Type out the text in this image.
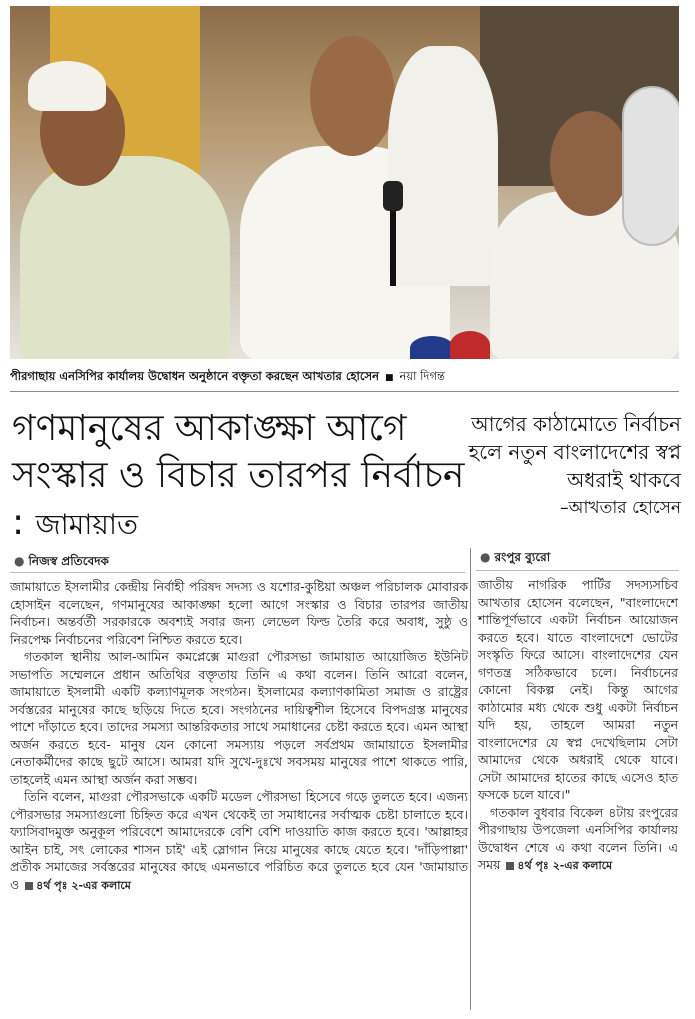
পীরগাছায় এনসিপির কার্যালয় উদ্বোধন অনুষ্ঠানে বক্তৃতা করছেন আখতার হোসেন ■ নয়া দিগন্ত
গণমানুষের আকাঙ্ক্ষা আগে সংস্কার ও বিচার তারপর নির্বাচন : জামায়াত
আগের কাঠামোতে নির্বাচন হলে নতুন বাংলাদেশের স্বপ্ন অধরাই থাকবে
–আখতার হোসেন
● নিজস্ব প্রতিবেদক	● রংপুর ব্যুরো

জামায়াতে ইসলামীর কেন্দ্রীয় নির্বাহী পরিষদ সদস্য ও যশোর-কুষ্টিয়া অঞ্চল পরিচালক মোবারক হোসাইন বলেছেন, গণমানুষের আকাঙ্ক্ষা হলো আগে সংস্কার ও বিচার তারপর জাতীয় নির্বাচন। অন্তর্বর্তী সরকারকে অবশ্যই সবার জন্য লেভেল ফিল্ড তৈরি করে অবাধ, সুষ্ঠু ও নিরপেক্ষ নির্বাচনের পরিবেশ নিশ্চিত করতে হবে।

গতকাল স্থানীয় আল-আমিন কমপ্লেক্সে মাগুরা পৌরসভা জামায়াত আয়োজিত ইউনিট সভাপতি সম্মেলনে প্রধান অতিথির বক্তৃতায় তিনি এ কথা বলেন। তিনি আরো বলেন, জামায়াতে ইসলামী একটি কল্যাণমূলক সংগঠন। ইসলামের কল্যাণকামিতা সমাজ ও রাষ্ট্রের সর্বস্তরের মানুষের কাছে ছড়িয়ে দিতে হবে। সংগঠনের দায়িত্বশীল হিসেবে বিপদগ্রস্ত মানুষের পাশে দাঁড়াতে হবে। তাদের সমস্যা আন্তরিকতার সাথে সমাধানের চেষ্টা করতে হবে। এমন আস্থা অর্জন করতে হবে- মানুষ যেন কোনো সমস্যায় পড়লে সর্বপ্রথম জামায়াতে ইসলামীর নেতাকর্মীদের কাছে ছুটে আসে। আমরা যদি সুখে-দুঃখে সবসময় মানুষের পাশে থাকতে পারি, তাহলেই এমন আস্থা অর্জন করা সম্ভব।

তিনি বলেন, মাগুরা পৌরসভাকে একটি মডেল পৌরসভা হিসেবে গড়ে তুলতে হবে। এজন্য পৌরসভার সমস্যাগুলো চিহ্নিত করে এখন থেকেই তা সমাধানের সর্বাত্মক চেষ্টা চালাতে হবে। ফ্যাসিবাদমুক্ত অনুকূল পরিবেশে আমাদেরকে বেশি বেশি দাওয়াতি কাজ করতে হবে। 'আল্লাহর আইন চাই, সৎ লোকের শাসন চাই' এই স্লোগান নিয়ে মানুষের কাছে যেতে হবে। 'দাঁড়িপাল্লা' প্রতীক সমাজের সর্বস্তরের মানুষের কাছে এমনভাবে পরিচিত করে তুলতে হবে যেন 'জামায়াত ও ৪র্থ পৃঃ ২-এর কলামে

জাতীয় নাগরিক পার্টির সদস্যসচিব আখতার হোসেন বলেছেন, "বাংলাদেশে শান্তিপূর্ণভাবে একটা নির্বাচন আয়োজন করতে হবে। যাতে বাংলাদেশে ভোটের সংস্কৃতি ফিরে আসে। বাংলাদেশের যেন গণতন্ত্র সঠিকভাবে চলে। নির্বাচনের কোনো বিকল্প নেই। কিন্তু আগের কাঠামোর মধ্য থেকে শুধু একটা নির্বাচন যদি হয়, তাহলে আমরা নতুন বাংলাদেশের যে স্বপ্ন দেখেছিলাম সেটা আমাদের থেকে অধরাই থেকে যাবে। সেটা আমাদের হাতের কাছে এসেও হাত ফসকে চলে যাবে।"

গতকাল বুধবার বিকেল ৪টায় রংপুরের পীরগাছায় উপজেলা এনসিপির কার্যালয় উদ্বোধন শেষে এ কথা বলেন তিনি। এ সময় ৪র্থ পৃঃ ২-এর কলামে
